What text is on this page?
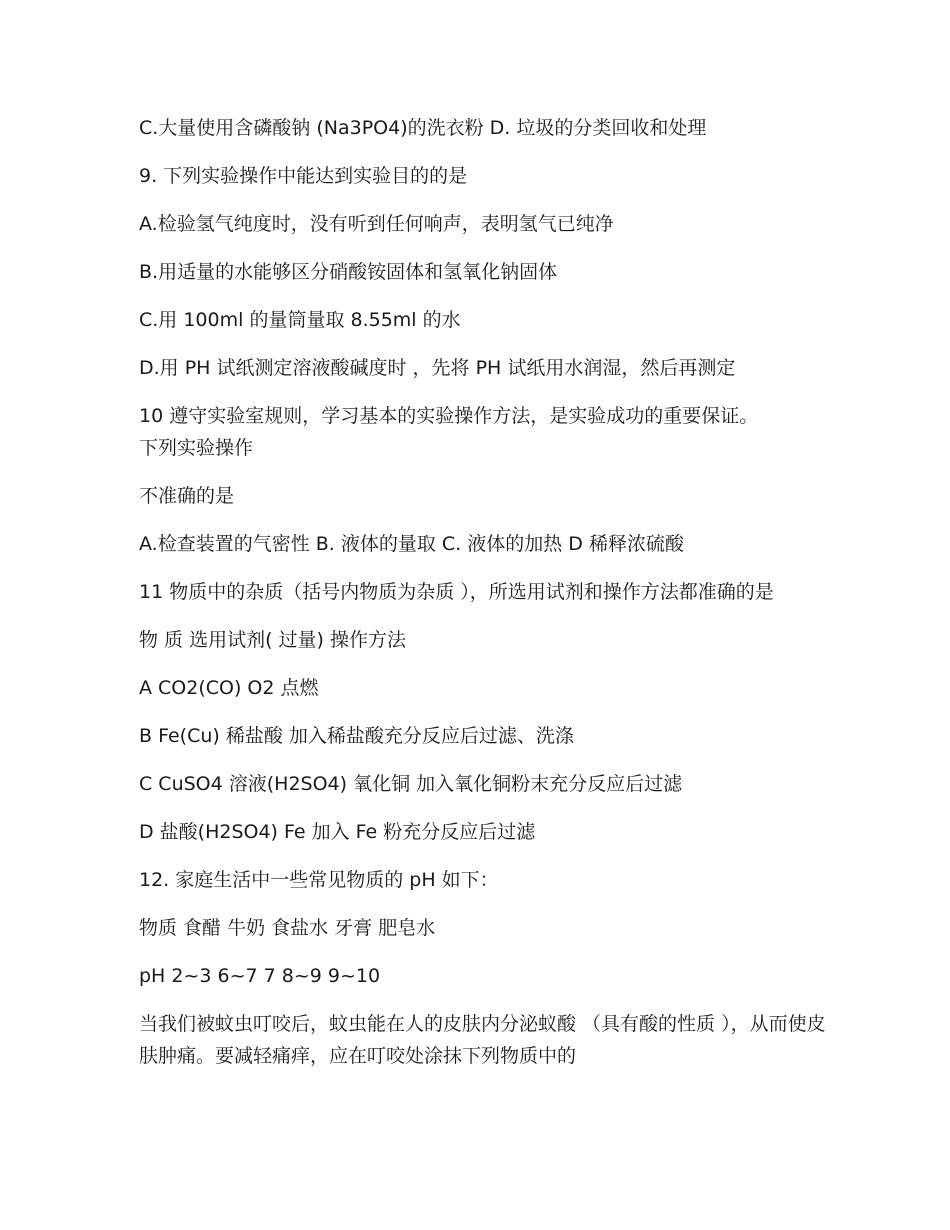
C.大量使用含磷酸钠 (Na3PO4)的洗衣粉 D. 垃圾的分类回收和处理

9. 下列实验操作中能达到实验目的的是

A.检验氢气纯度时，没有听到任何响声，表明氢气已纯净

B.用适量的水能够区分硝酸铵固体和氢氧化钠固体

C.用 100ml 的量筒量取 8.55ml 的水

D.用 PH 试纸测定溶液酸碱度时 ，先将 PH 试纸用水润湿，然后再测定

10 遵守实验室规则，学习基本的实验操作方法，是实验成功的重要保证。下列实验操作

不准确的是

A.检查装置的气密性 B. 液体的量取 C. 液体的加热 D 稀释浓硫酸

11 物质中的杂质（括号内物质为杂质 ），所选用试剂和操作方法都准确的是

物 质 选用试剂( 过量) 操作方法

A CO2(CO) O2 点燃

B Fe(Cu) 稀盐酸 加入稀盐酸充分反应后过滤、洗涤

C CuSO4 溶液(H2SO4) 氧化铜 加入氧化铜粉末充分反应后过滤

D 盐酸(H2SO4) Fe 加入 Fe 粉充分反应后过滤

12. 家庭生活中一些常见物质的 pH 如下：

物质 食醋 牛奶 食盐水 牙膏 肥皂水

pH 2~3 6~7 7 8~9 9~10

当我们被蚊虫叮咬后，蚊虫能在人的皮肤内分泌蚁酸 （具有酸的性质 ），从而使皮肤肿痛。要减轻痛痒，应在叮咬处涂抹下列物质中的
